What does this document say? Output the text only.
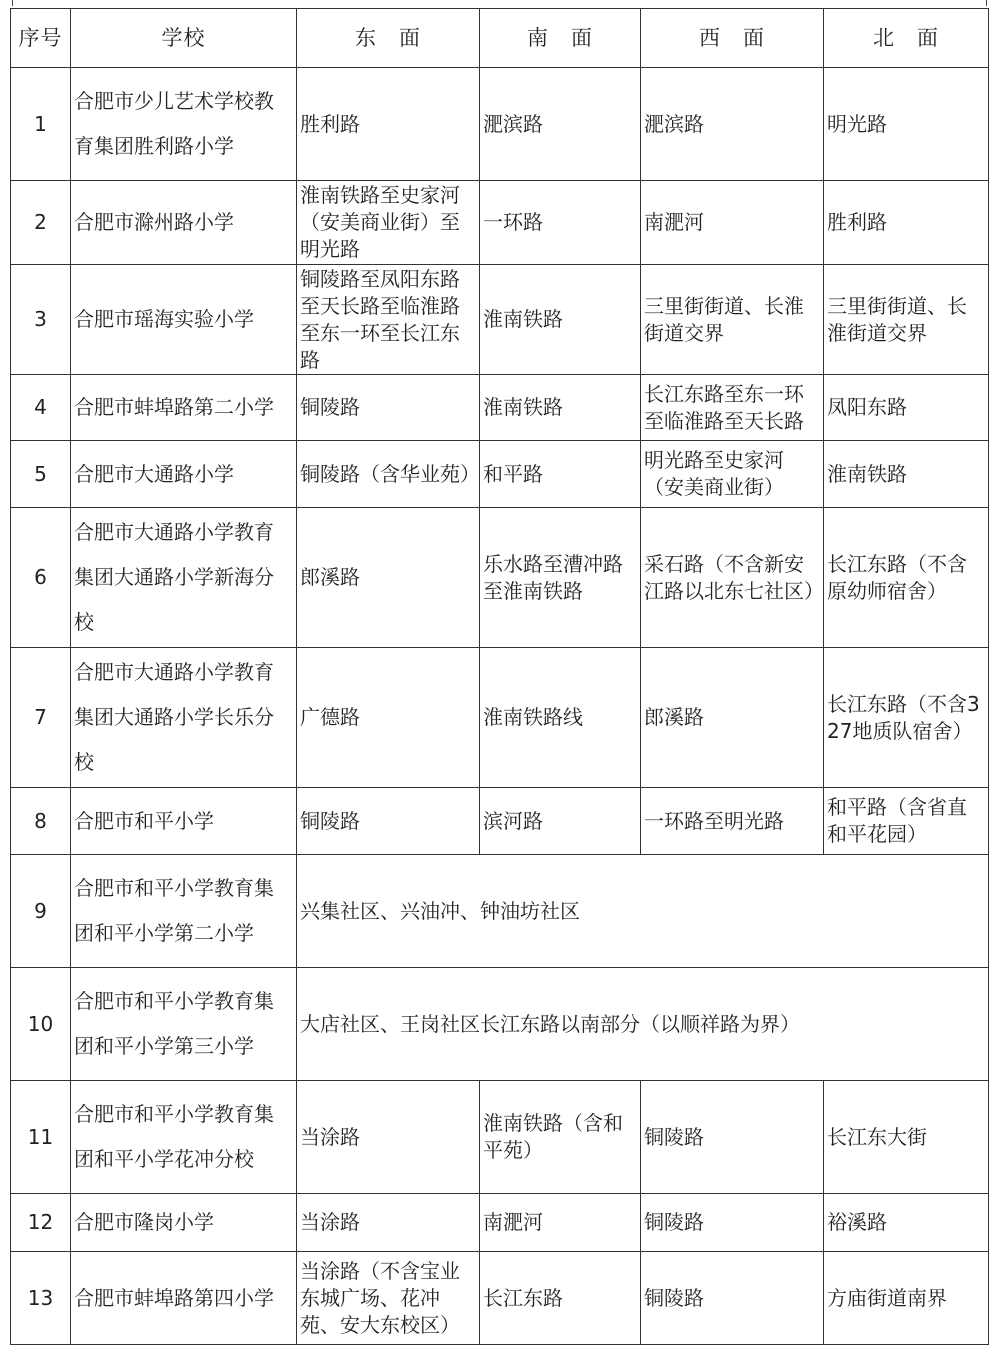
序号	学校	东　面	南　面	西　面	北　面
1	合肥市少儿艺术学校教育集团胜利路小学	胜利路	淝滨路	淝滨路	明光路
2	合肥市滁州路小学	淮南铁路至史家河（安美商业街）至明光路	一环路	南淝河	胜利路
3	合肥市瑶海实验小学	铜陵路至凤阳东路至天长路至临淮路至东一环至长江东路	淮南铁路	三里街街道、长淮街道交界	三里街街道、长淮街道交界
4	合肥市蚌埠路第二小学	铜陵路	淮南铁路	长江东路至东一环至临淮路至天长路	凤阳东路
5	合肥市大通路小学	铜陵路（含华业苑）	和平路	明光路至史家河（安美商业街）	淮南铁路
6	合肥市大通路小学教育集团大通路小学新海分校	郎溪路	乐水路至漕冲路至淮南铁路	采石路（不含新安江路以北东七社区）	长江东路（不含原幼师宿舍）
7	合肥市大通路小学教育集团大通路小学长乐分校	广德路	淮南铁路线	郎溪路	长江东路（不含327地质队宿舍）
8	合肥市和平小学	铜陵路	滨河路	一环路至明光路	和平路（含省直和平花园）
9	合肥市和平小学教育集团和平小学第二小学	兴集社区、兴油冲、钟油坊社区			
10	合肥市和平小学教育集团和平小学第三小学	大店社区、王岗社区长江东路以南部分（以顺祥路为界）			
11	合肥市和平小学教育集团和平小学花冲分校	当涂路	淮南铁路（含和平苑）	铜陵路	长江东大街
12	合肥市隆岗小学	当涂路	南淝河	铜陵路	裕溪路
13	合肥市蚌埠路第四小学	当涂路（不含宝业东城广场、花冲苑、安大东校区）	长江东路	铜陵路	方庙街道南界
